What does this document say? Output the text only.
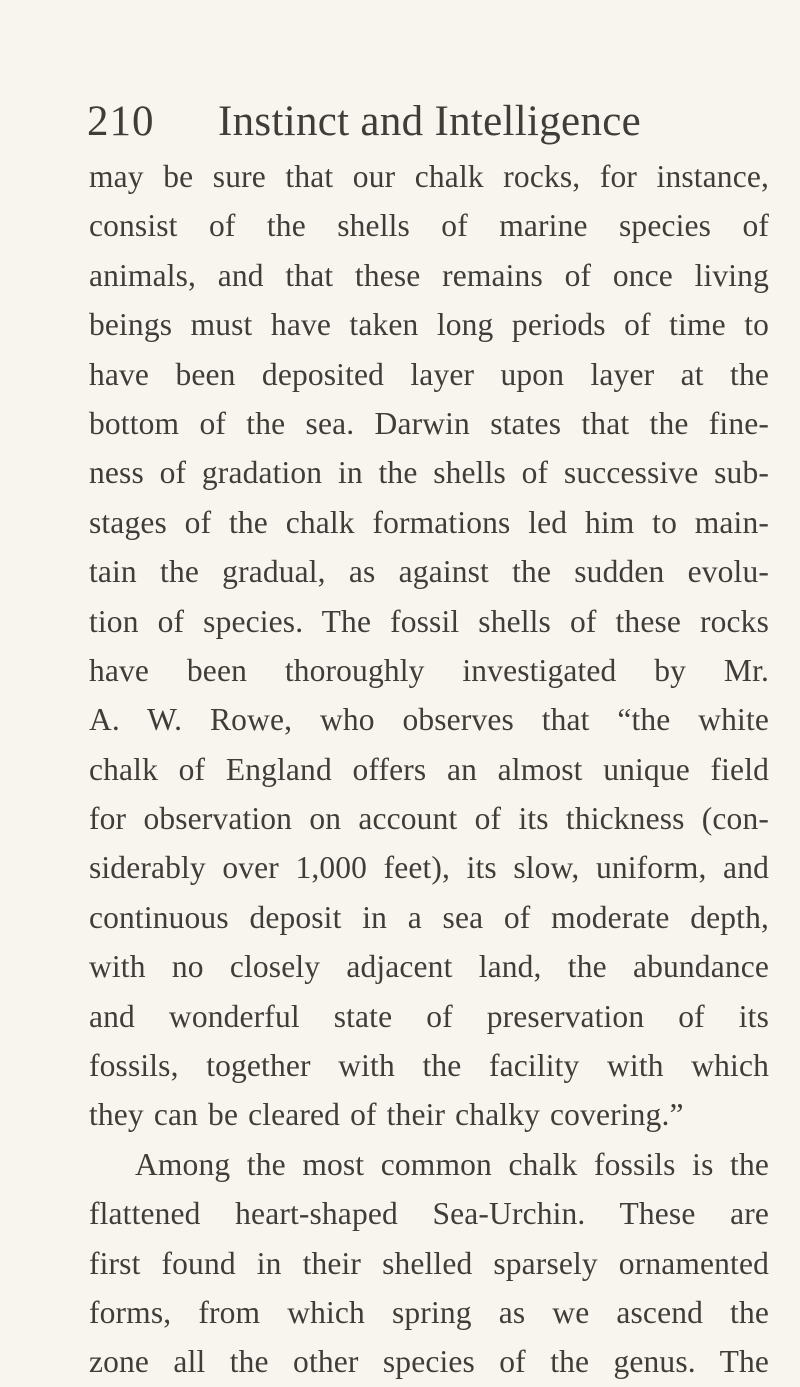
210 Instinct and Intelligence
may be sure that our chalk rocks, for instance,
consist of the shells of marine species of
animals, and that these remains of once living
beings must have taken long periods of time to
have been deposited layer upon layer at the
bottom of the sea. Darwin states that the fine-
ness of gradation in the shells of successive sub-
stages of the chalk formations led him to main-
tain the gradual, as against the sudden evolu-
tion of species. The fossil shells of these rocks
have been thoroughly investigated by Mr.
A. W. Rowe, who observes that “the white
chalk of England offers an almost unique field
for observation on account of its thickness (con-
siderably over 1,000 feet), its slow, uniform, and
continuous deposit in a sea of moderate depth,
with no closely adjacent land, the abundance
and wonderful state of preservation of its
fossils, together with the facility with which
they can be cleared of their chalky covering.”
Among the most common chalk fossils is the
flattened heart-shaped Sea-Urchin. These are
first found in their shelled sparsely ornamented
forms, from which spring as we ascend the
zone all the other species of the genus. The
